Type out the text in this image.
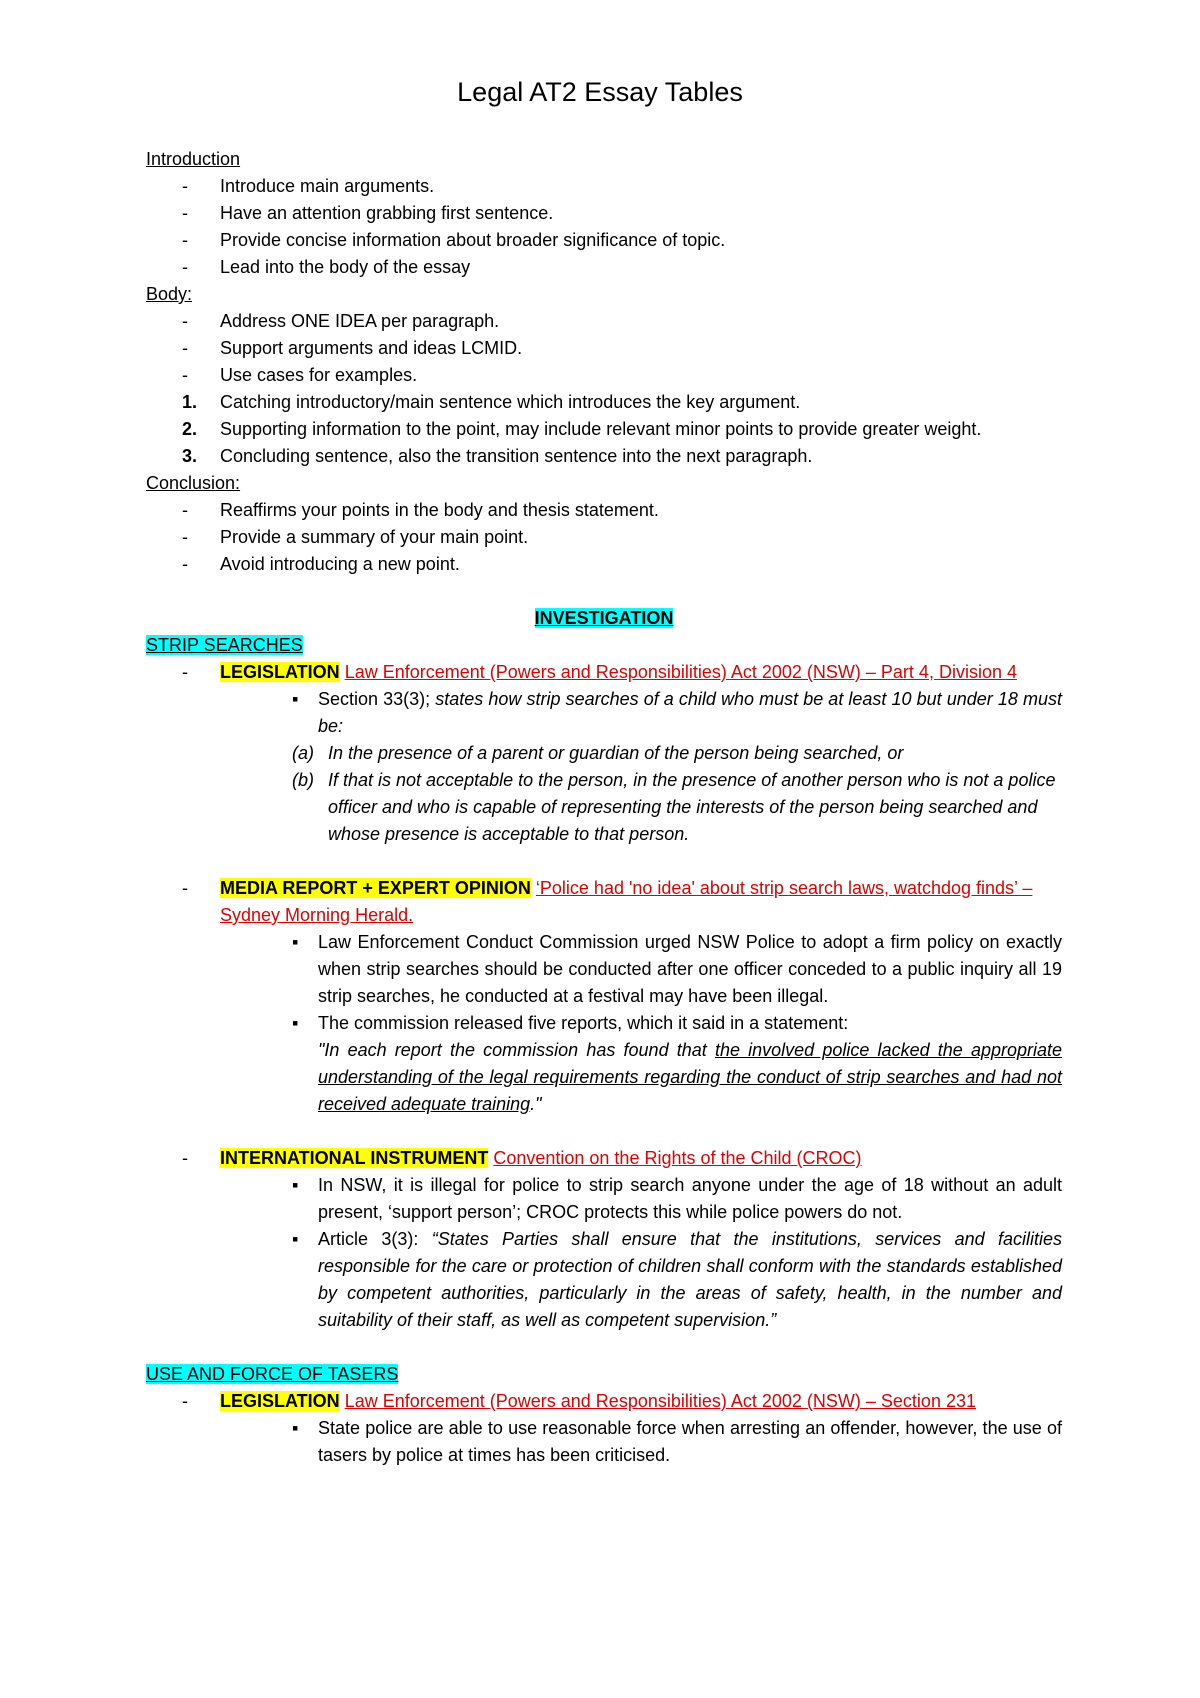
Legal AT2 Essay Tables
Introduction
-	Introduce main arguments.
-	Have an attention grabbing first sentence.
-	Provide concise information about broader significance of topic.
-	Lead into the body of the essay
Body:
-	Address ONE IDEA per paragraph.
-	Support arguments and ideas LCMID.
-	Use cases for examples.
1.	Catching introductory/main sentence which introduces the key argument.
2.	Supporting information to the point, may include relevant minor points to provide greater weight.
3.	Concluding sentence, also the transition sentence into the next paragraph.
Conclusion:
-	Reaffirms your points in the body and thesis statement.
-	Provide a summary of your main point.
-	Avoid introducing a new point.
INVESTIGATION
STRIP SEARCHES
-	LEGISLATION Law Enforcement (Powers and Responsibilities) Act 2002 (NSW) – Part 4, Division 4
▪	Section 33(3); states how strip searches of a child who must be at least 10 but under 18 must be:
(a) In the presence of a parent or guardian of the person being searched, or
(b) If that is not acceptable to the person, in the presence of another person who is not a police officer and who is capable of representing the interests of the person being searched and whose presence is acceptable to that person.
-	MEDIA REPORT + EXPERT OPINION ‘Police had 'no idea' about strip search laws, watchdog finds’ – Sydney Morning Herald.
▪	Law Enforcement Conduct Commission urged NSW Police to adopt a firm policy on exactly when strip searches should be conducted after one officer conceded to a public inquiry all 19 strip searches, he conducted at a festival may have been illegal.
▪	The commission released five reports, which it said in a statement:
"In each report the commission has found that the involved police lacked the appropriate understanding of the legal requirements regarding the conduct of strip searches and had not received adequate training."
-	INTERNATIONAL INSTRUMENT Convention on the Rights of the Child (CROC)
▪	In NSW, it is illegal for police to strip search anyone under the age of 18 without an adult present, ‘support person’; CROC protects this while police powers do not.
▪	Article 3(3): “States Parties shall ensure that the institutions, services and facilities responsible for the care or protection of children shall conform with the standards established by competent authorities, particularly in the areas of safety, health, in the number and suitability of their staff, as well as competent supervision.”
USE AND FORCE OF TASERS
-	LEGISLATION Law Enforcement (Powers and Responsibilities) Act 2002 (NSW) – Section 231
▪	State police are able to use reasonable force when arresting an offender, however, the use of tasers by police at times has been criticised.
